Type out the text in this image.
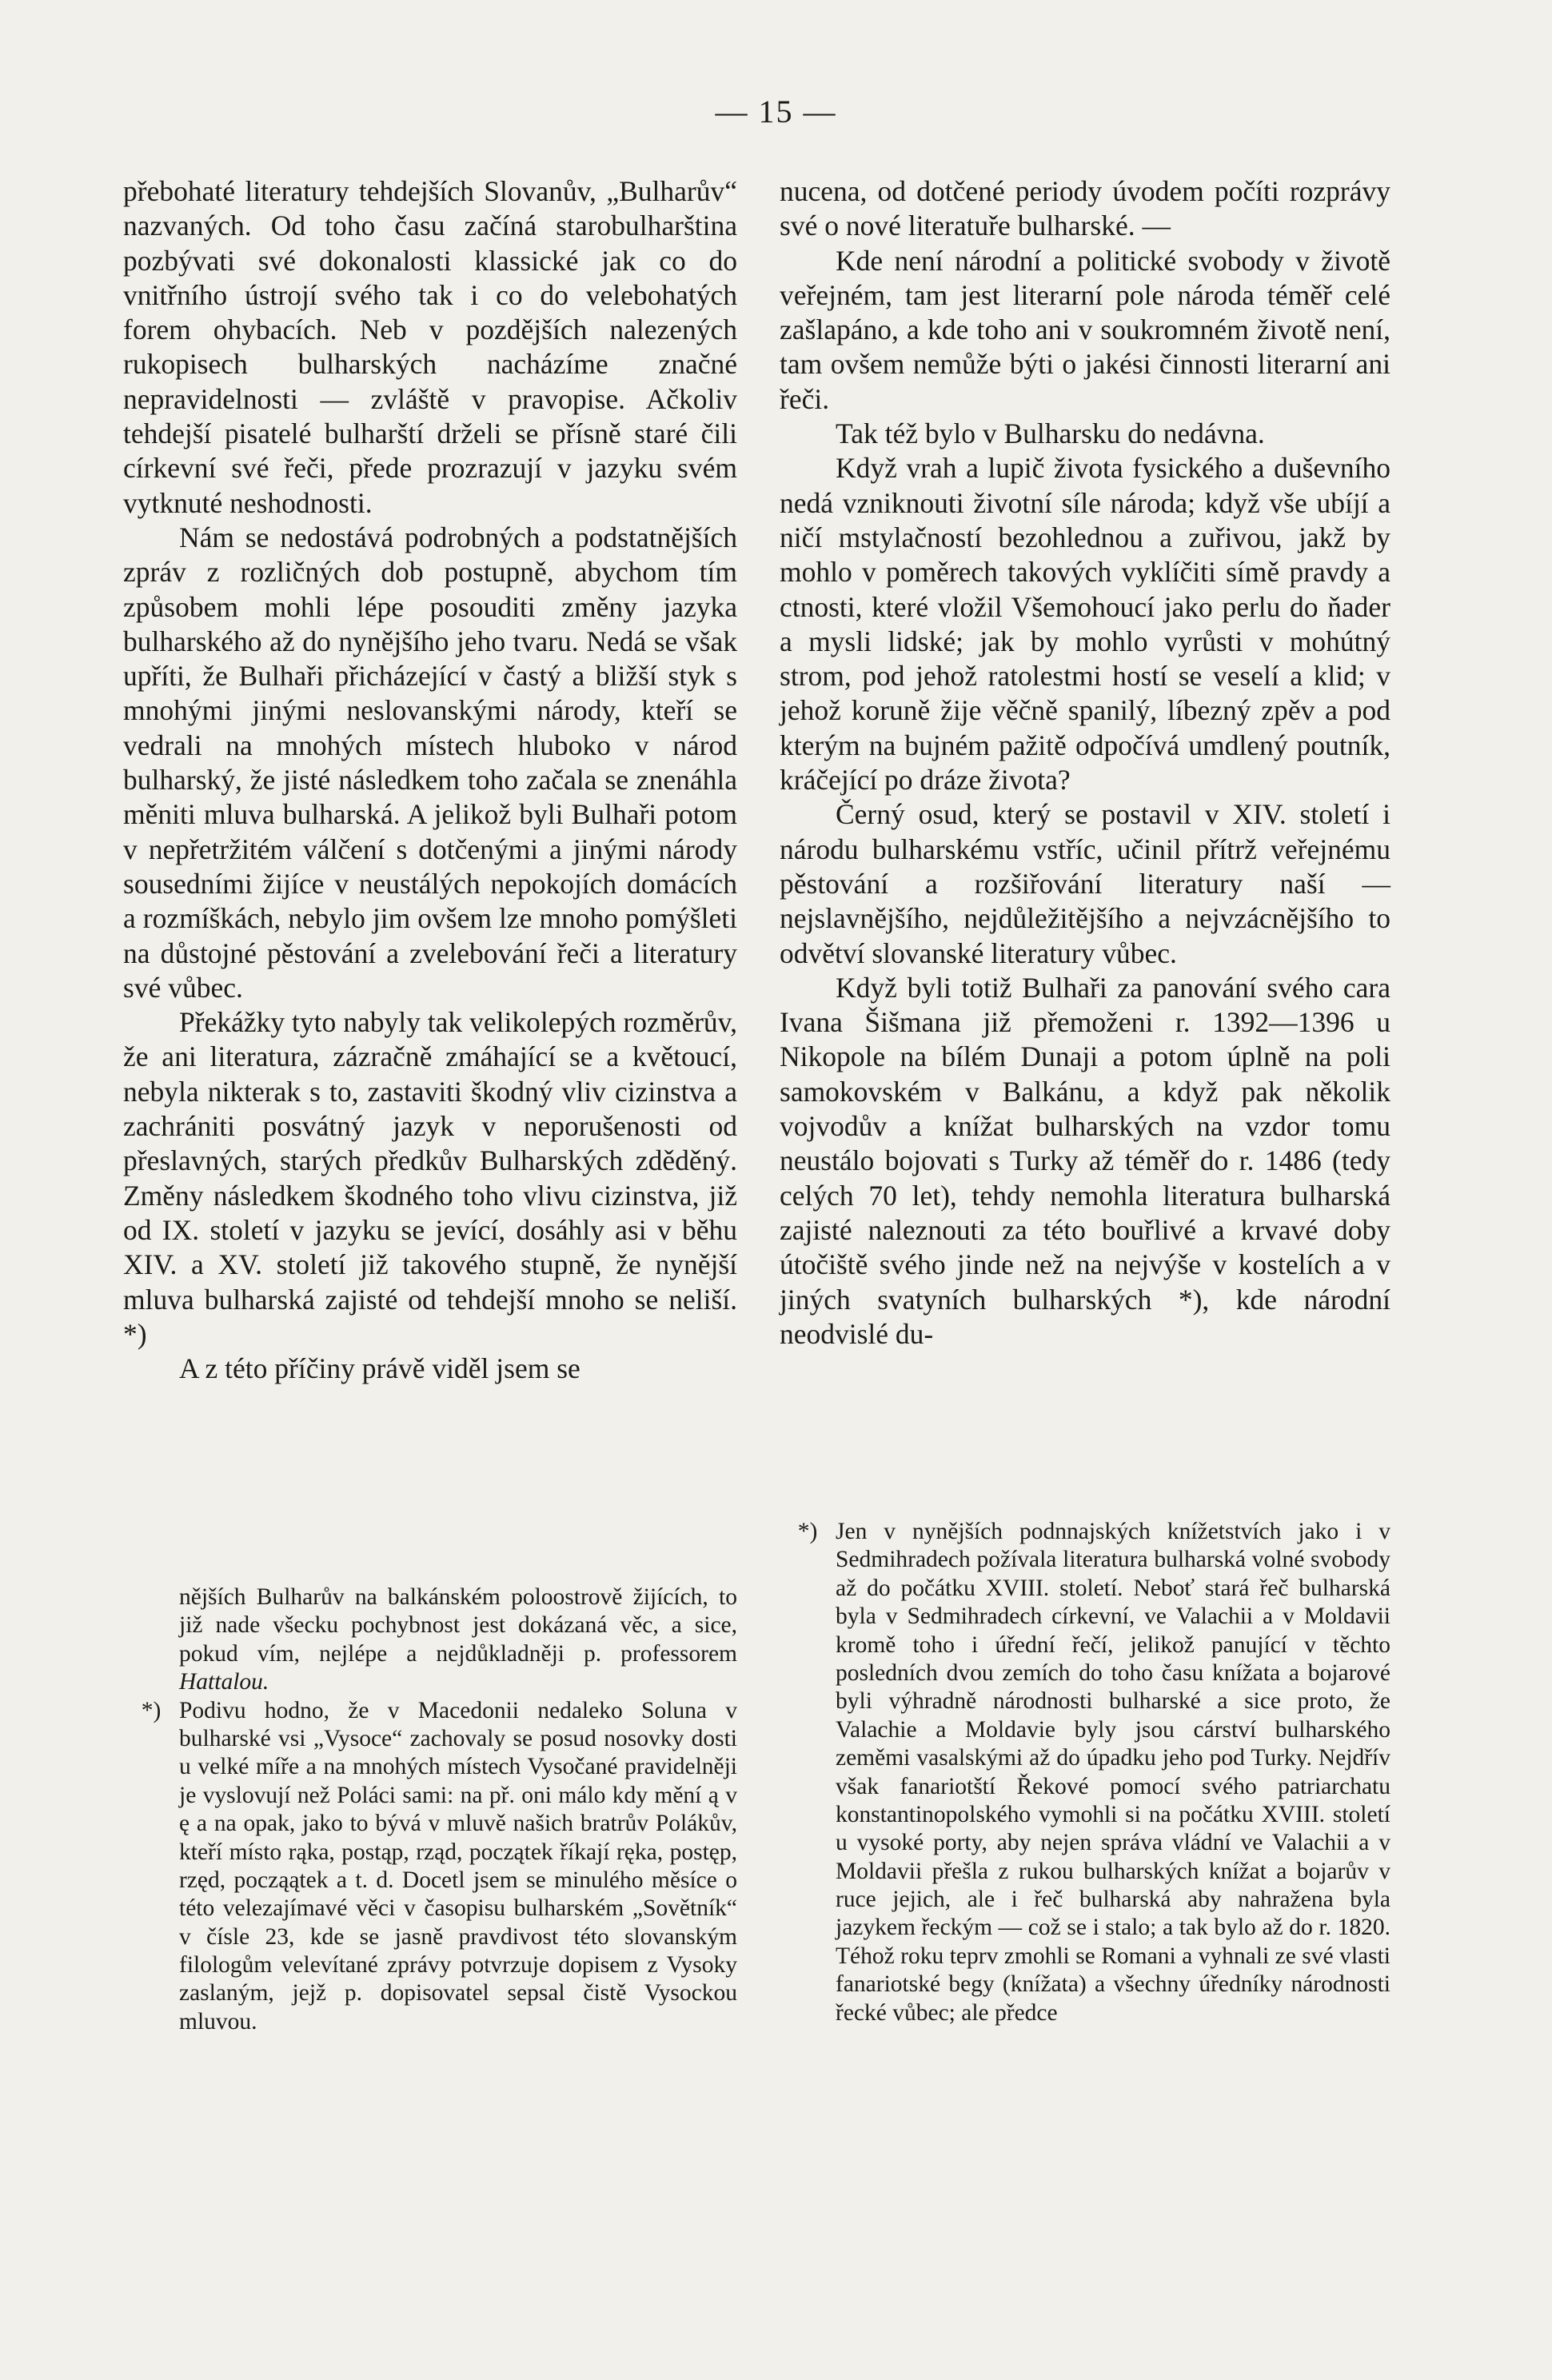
— 15 —

přebohaté literatury tehdejších Slovanův, „Bulharův“ nazvaných. Od toho času začíná starobulharština pozbývati své dokonalosti klassické jak co do vnitřního ústrojí svého tak i co do velebohatých forem ohybacích. Neb v pozdějších nalezených rukopisech bulharských nacházíme značné nepravidelnosti — zvláště v pravopise. Ačkoliv tehdejší pisatelé bulharští drželi se přísně staré čili církevní své řeči, přede prozrazují v jazyku svém vytknuté neshodnosti.

Nám se nedostává podrobných a podstatnějších zpráv z rozličných dob postupně, abychom tím způsobem mohli lépe posouditi změny jazyka bulharského až do nynějšího jeho tvaru. Nedá se však upříti, že Bulhaři přicházející v častý a bližší styk s mnohými jinými neslovanskými národy, kteří se vedrali na mnohých místech hluboko v národ bulharský, že jisté následkem toho začala se znenáhla měniti mluva bulharská. A jelikož byli Bulhaři potom v nepřetržitém válčení s dotčenými a jinými národy sousedními žijíce v neustálých nepokojích domácích a rozmíškách, nebylo jim ovšem lze mnoho pomýšleti na důstojné pěstování a zvelebování řeči a literatury své vůbec.

Překážky tyto nabyly tak velikolepých rozměrův, že ani literatura, zázračně zmáhající se a květoucí, nebyla nikterak s to, zastaviti škodný vliv cizinstva a zachrániti posvátný jazyk v neporušenosti od přeslavných, starých předkův Bulharských zděděný. Změny následkem škodného toho vlivu cizinstva, již od IX. století v jazyku se jevící, dosáhly asi v běhu XIV. a XV. století již takového stupně, že nynější mluva bulharská zajisté od tehdejší mnoho se neliší. *)

A z této příčiny právě viděl jsem se

nějších Bulharův na balkánském poloostrově žijících, to již nade všecku pochybnost jest dokázaná věc, a sice, pokud vím, nejlépe a nejdůkladněji p. professorem Hattalou.

*) Podivu hodno, že v Macedonii nedaleko Soluna v bulharské vsi „Vysoce“ zachovaly se posud nosovky dosti u velké míře a na mnohých místech Vysočané pravidelněji je vyslovují než Poláci sami: na př. oni málo kdy mění ą v ę a na opak, jako to bývá v mluvě našich bratrův Polákův, kteří místo rąka, postąp, rząd, początek říkají ręka, postęp, rzęd, począątek a t. d. Docetl jsem se minulého měsíce o této velezajímavé věci v časopisu bulharském „Sovětník“ v čísle 23, kde se jasně pravdivost této slovanským filologům velevítané zprávy potvrzuje dopisem z Vysoky zaslaným, jejž p. dopisovatel sepsal čistě Vysockou mluvou.

nucena, od dotčené periody úvodem počíti rozprávy své o nové literatuře bulharské. —

Kde není národní a politické svobody v životě veřejném, tam jest literarní pole národa téměř celé zašlapáno, a kde toho ani v soukromném životě není, tam ovšem nemůže býti o jakési činnosti literarní ani řeči.

Tak též bylo v Bulharsku do nedávna.

Když vrah a lupič života fysického a duševního nedá vzniknouti životní síle národa; když vše ubíjí a ničí mstylačností bezohlednou a zuřivou, jakž by mohlo v poměrech takových vyklíčiti símě pravdy a ctnosti, které vložil Všemohoucí jako perlu do ňader a mysli lidské; jak by mohlo vyrůsti v mohútný strom, pod jehož ratolestmi hostí se veselí a klid; v jehož koruně žije věčně spanilý, líbezný zpěv a pod kterým na bujném pažitě odpočívá umdlený poutník, kráčející po dráze života?

Černý osud, který se postavil v XIV. století i národu bulharskému vstříc, učinil přítrž veřejnému pěstování a rozšiřování literatury naší — nejslavnějšího, nejdůležitějšího a nejvzácnějšího to odvětví slovanské literatury vůbec.

Když byli totiž Bulhaři za panování svého cara Ivana Šišmana již přemoženi r. 1392—1396 u Nikopole na bílém Dunaji a potom úplně na poli samokovském v Balkánu, a když pak několik vojvodův a knížat bulharských na vzdor tomu neustálo bojovati s Turky až téměř do r. 1486 (tedy celých 70 let), tehdy nemohla literatura bulharská zajisté naleznouti za této bouřlivé a krvavé doby útočiště svého jinde než na nejvýše v kostelích a v jiných svatyních bulharských *), kde národní neodvislé du-

*) Jen v nynějších podnnajských knížetstvích jako i v Sedmihradech požívala literatura bulharská volné svobody až do počátku XVIII. století. Neboť stará řeč bulharská byla v Sedmihradech církevní, ve Valachii a v Moldavii kromě toho i úřední řečí, jelikož panující v těchto posledních dvou zemích do toho času knížata a bojarové byli výhradně národnosti bulharské a sice proto, že Valachie a Moldavie byly jsou cárství bulharského zeměmi vasalskými až do úpadku jeho pod Turky. Nejdřív však fanariotští Řekové pomocí svého patriarchatu konstantinopolského vymohli si na počátku XVIII. století u vysoké porty, aby nejen správa vládní ve Valachii a v Moldavii přešla z rukou bulharských knížat a bojarův v ruce jejich, ale i řeč bulharská aby nahražena byla jazykem řeckým — což se i stalo; a tak bylo až do r. 1820. Téhož roku teprv zmohli se Romani a vyhnali ze své vlasti fanariotské begy (knížata) a všechny úředníky národnosti řecké vůbec; ale předce
